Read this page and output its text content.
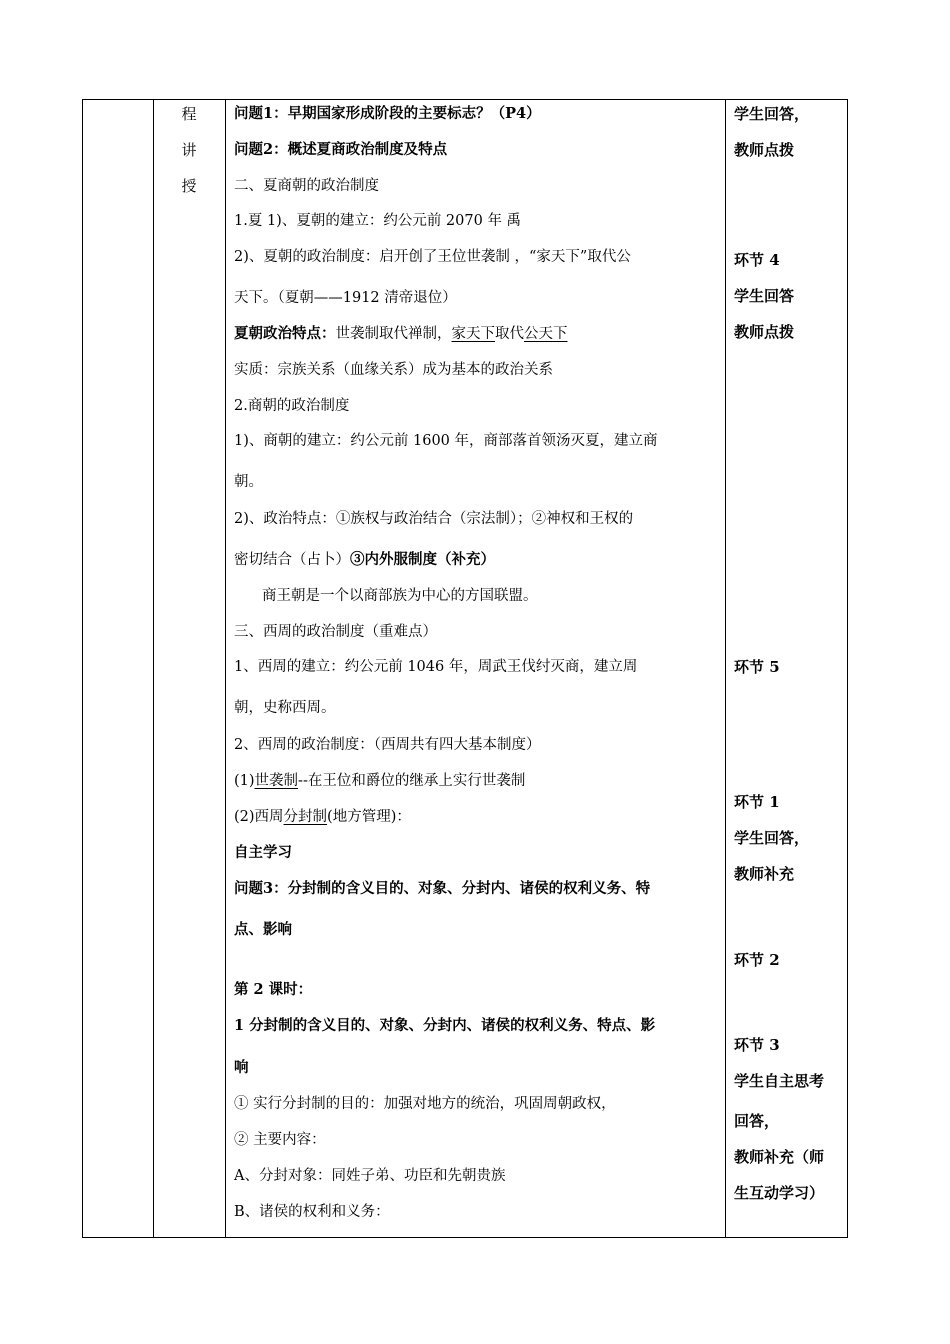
程
讲
授
问题1：早期国家形成阶段的主要标志？（P4）
问题2：概述夏商政治制度及特点
二、夏商朝的政治制度
1.夏 1)、夏朝的建立：约公元前 2070 年 禹
2)、夏朝的政治制度：启开创了王位世袭制 ，“家天下”取代公
天下。（夏朝——1912 清帝退位）
夏朝政治特点：世袭制取代禅制，家天下取代公天下
实质：宗族关系（血缘关系）成为基本的政治关系
2.商朝的政治制度
1)、商朝的建立：约公元前 1600 年，商部落首领汤灭夏，建立商
朝。
2)、政治特点：①族权与政治结合（宗法制）；②神权和王权的
密切结合（占卜）③内外服制度（补充）
商王朝是一个以商部族为中心的方国联盟。
三、西周的政治制度（重难点）
1、西周的建立：约公元前 1046 年，周武王伐纣灭商，建立周
朝，史称西周。
2、西周的政治制度：（西周共有四大基本制度）
(1)世袭制--在王位和爵位的继承上实行世袭制
(2)西周分封制(地方管理)：
自主学习
问题3：分封制的含义目的、对象、分封内、诸侯的权利义务、特
点、影响
第 2 课时：
1 分封制的含义目的、对象、分封内、诸侯的权利义务、特点、影
响
① 实行分封制的目的：加强对地方的统治，巩固周朝政权，
② 主要内容：
A、分封对象：同姓子弟、功臣和先朝贵族
B、诸侯的权利和义务：
学生回答，
教师点拨
环节 4
学生回答
教师点拨
环节 5
环节 1
学生回答，
教师补充
环节 2
环节 3
学生自主思考
回答，
教师补充（师
生互动学习）
